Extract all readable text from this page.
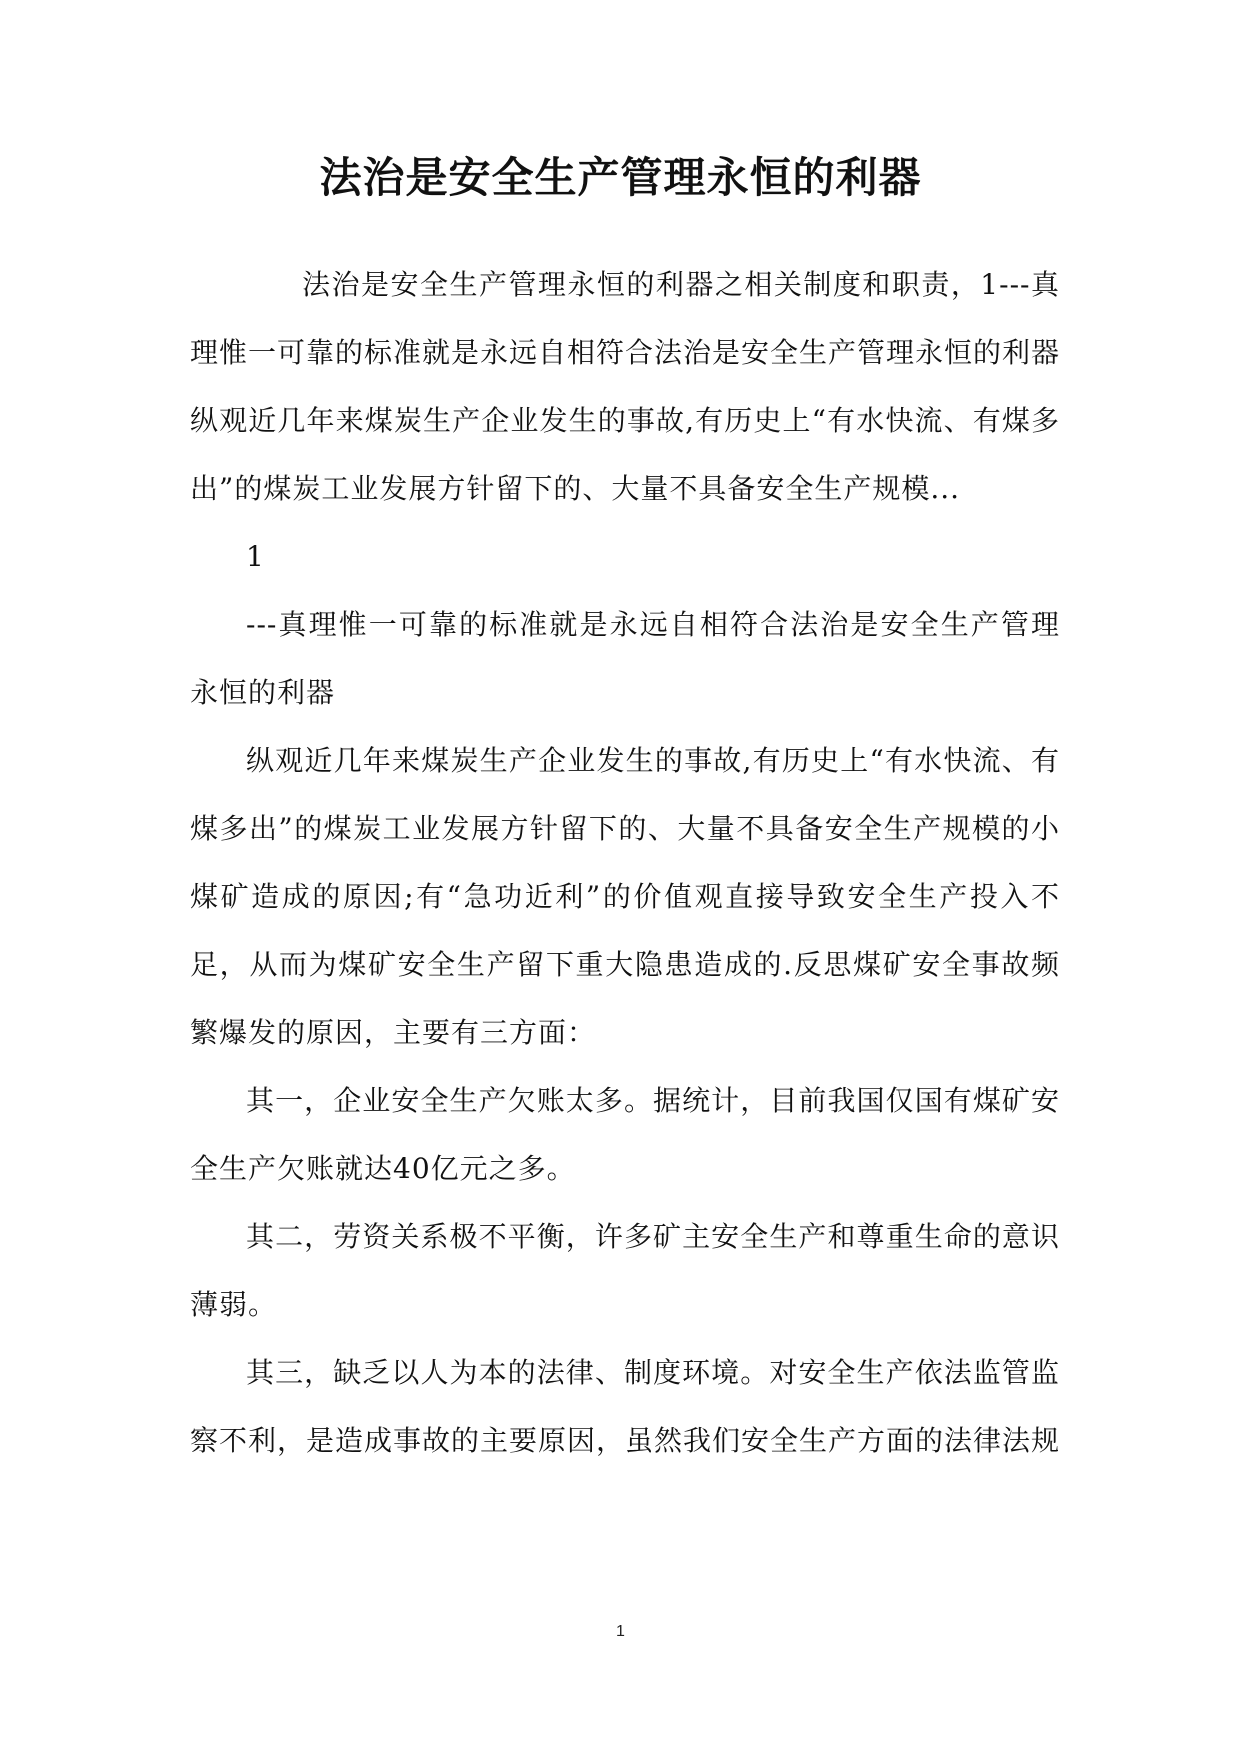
法治是安全生产管理永恒的利器

法治是安全生产管理永恒的利器之相关制度和职责，1---真理惟一可靠的标准就是永远自相符合法治是安全生产管理永恒的利器纵观近几年来煤炭生产企业发生的事故,有历史上“有水快流、有煤多出”的煤炭工业发展方针留下的、大量不具备安全生产规模...

1

---真理惟一可靠的标准就是永远自相符合法治是安全生产管理永恒的利器

纵观近几年来煤炭生产企业发生的事故,有历史上“有水快流、有煤多出”的煤炭工业发展方针留下的、大量不具备安全生产规模的小煤矿造成的原因;有“急功近利”的价值观直接导致安全生产投入不足，从而为煤矿安全生产留下重大隐患造成的.反思煤矿安全事故频繁爆发的原因，主要有三方面：

其一，企业安全生产欠账太多。据统计，目前我国仅国有煤矿安全生产欠账就达40亿元之多。

其二，劳资关系极不平衡，许多矿主安全生产和尊重生命的意识薄弱。

其三，缺乏以人为本的法律、制度环境。对安全生产依法监管监察不利，是造成事故的主要原因，虽然我们安全生产方面的法律法规

1
